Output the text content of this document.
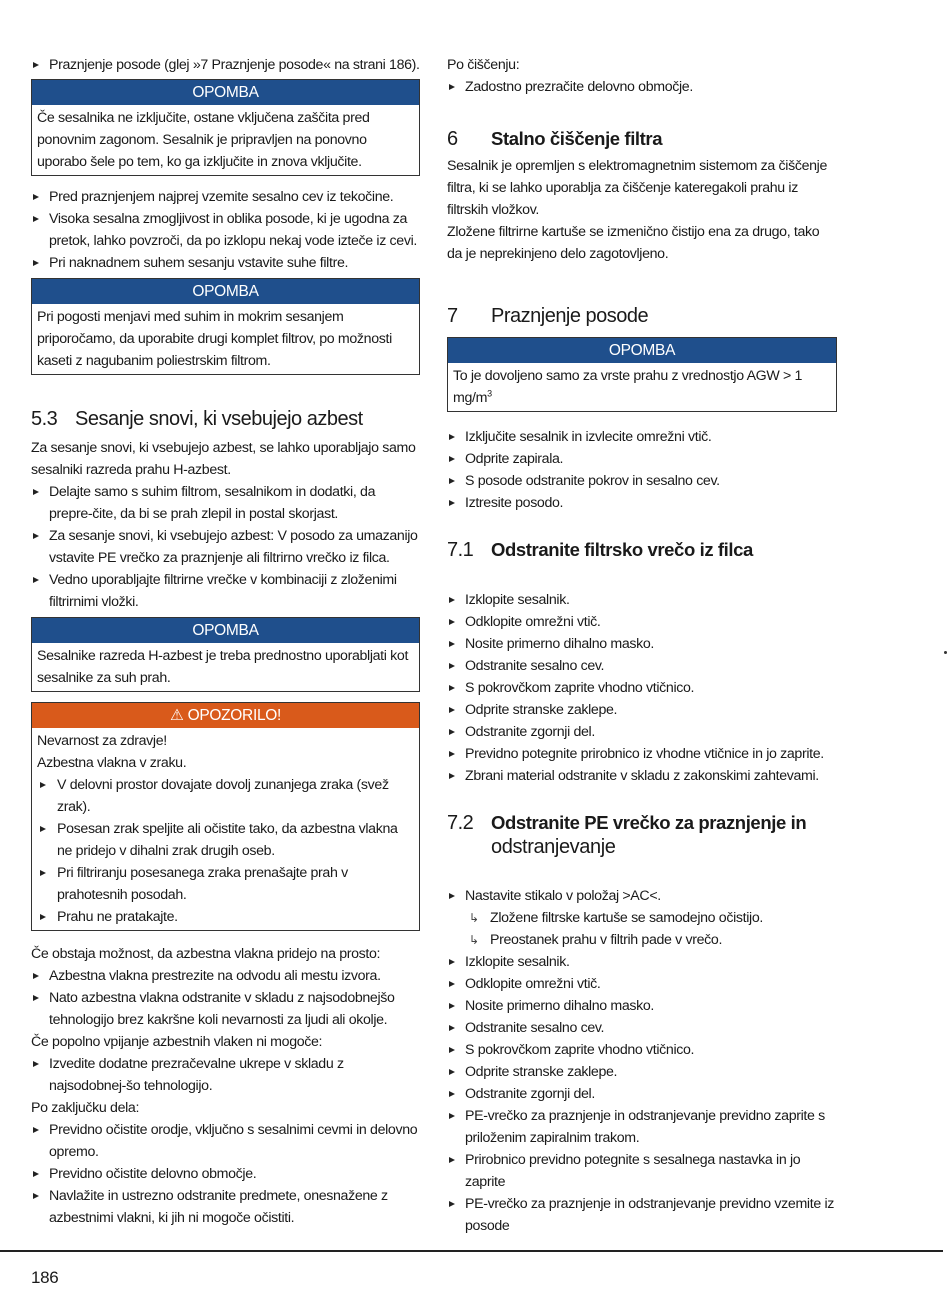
Praznjenje posode (glej »7 Praznjenje posode« na strani 186).
OPOMBA

Če sesalnika ne izključite, ostane vključena zaščita pred ponovnim zagonom. Sesalnik je pripravljen na ponovno uporabo šele po tem, ko ga izključite in znova vključite.

Pred praznjenjem najprej vzemite sesalno cev iz tekočine.
Visoka sesalna zmogljivost in oblika posode, ki je ugodna za pretok, lahko povzroči, da po izklopu nekaj vode izteče iz cevi.
Pri naknadnem suhem sesanju vstavite suhe filtre.
OPOMBA

Pri pogosti menjavi med suhim in mokrim sesanjem priporočamo, da uporabite drugi komplet filtrov, po možnosti kaseti z nagubanim poliestrskim filtrom.

5.3 Sesanje snovi, ki vsebujejo azbest

Za sesanje snovi, ki vsebujejo azbest, se lahko uporabljajo samo sesalniki razreda prahu H-azbest.

Delajte samo s suhim filtrom, sesalnikom in dodatki, da prepre-čite, da bi se prah zlepil in postal skorjast.
Za sesanje snovi, ki vsebujejo azbest: V posodo za umazanijo vstavite PE vrečko za praznjenje ali filtrirno vrečko iz filca.
Vedno uporabljajte filtrirne vrečke v kombinaciji z zloženimi filtrirnimi vložki.
OPOMBA

Sesalnike razreda H-azbest je treba prednostno uporabljati kot sesalnike za suh prah.

⚠ OPOZORILO!

Nevarnost za zdravje!

Azbestna vlakna v zraku.

V delovni prostor dovajate dovolj zunanjega zraka (svež zrak).
Posesan zrak speljite ali očistite tako, da azbestna vlakna ne pridejo v dihalni zrak drugih oseb.
Pri filtriranju posesanega zraka prenašajte prah v prahotesnih posodah.
Prahu ne pratakajte.

Če obstaja možnost, da azbestna vlakna pridejo na prosto:

Azbestna vlakna prestrezite na odvodu ali mestu izvora.
Nato azbestna vlakna odstranite v skladu z najsodobnejšo tehnologijo brez kakršne koli nevarnosti za ljudi ali okolje.

Če popolno vpijanje azbestnih vlaken ni mogoče:

Izvedite dodatne prezračevalne ukrepe v skladu z najsodobnej-šo tehnologijo.

Po zaključku dela:

Previdno očistite orodje, vključno s sesalnimi cevmi in delovno opremo.
Previdno očistite delovno območje.
Navlažite in ustrezno odstranite predmete, onesnažene z azbestnimi vlakni, ki jih ni mogoče očistiti.

Po čiščenju:

Zadostno prezračite delovno območje.
6 Stalno čiščenje filtra

Sesalnik je opremljen s elektromagnetnim sistemom za čiščenje filtra, ki se lahko uporablja za čiščenje kateregakoli prahu iz filtrskih vložkov.

Zložene filtrirne kartuše se izmenično čistijo ena za drugo, tako da je neprekinjeno delo zagotovljeno.

7 Praznjenje posode
OPOMBA

To je dovoljeno samo za vrste prahu z vrednostjo AGW > 1 $mg/m^3$

Izključite sesalnik in izvlecite omrežni vtič.
Odprite zapirala.
S posode odstranite pokrov in sesalno cev.
Iztresite posodo.
7.1 Odstranite filtrsko vrečo iz filca
Izklopite sesalnik.
Odklopite omrežni vtič.
Nosite primerno dihalno masko.
Odstranite sesalno cev.
S pokrovčkom zaprite vhodno vtičnico.
Odprite stranske zaklepe.
Odstranite zgornji del.
Previdno potegnite prirobnico iz vhodne vtičnice in jo zaprite.
Zbrani material odstranite v skladu z zakonskimi zahtevami.
7.2 Odstranite PE vrečko za praznjenje in
odstranjevanje
Nastavite stikalo v položaj >AC<.
↳ Zložene filtrske kartuše se samodejno očistijo.
↳ Preostanek prahu v filtrih pade v vrečo.
Izklopite sesalnik.
Odklopite omrežni vtič.
Nosite primerno dihalno masko.
Odstranite sesalno cev.
S pokrovčkom zaprite vhodno vtičnico.
Odprite stranske zaklepe.
Odstranite zgornji del.
PE-vrečko za praznjenje in odstranjevanje previdno zaprite s priloženim zapiralnim trakom.
Prirobnico previdno potegnite s sesalnega nastavka in jo zaprite
PE-vrečko za praznjenje in odstranjevanje previdno vzemite iz posode
186
